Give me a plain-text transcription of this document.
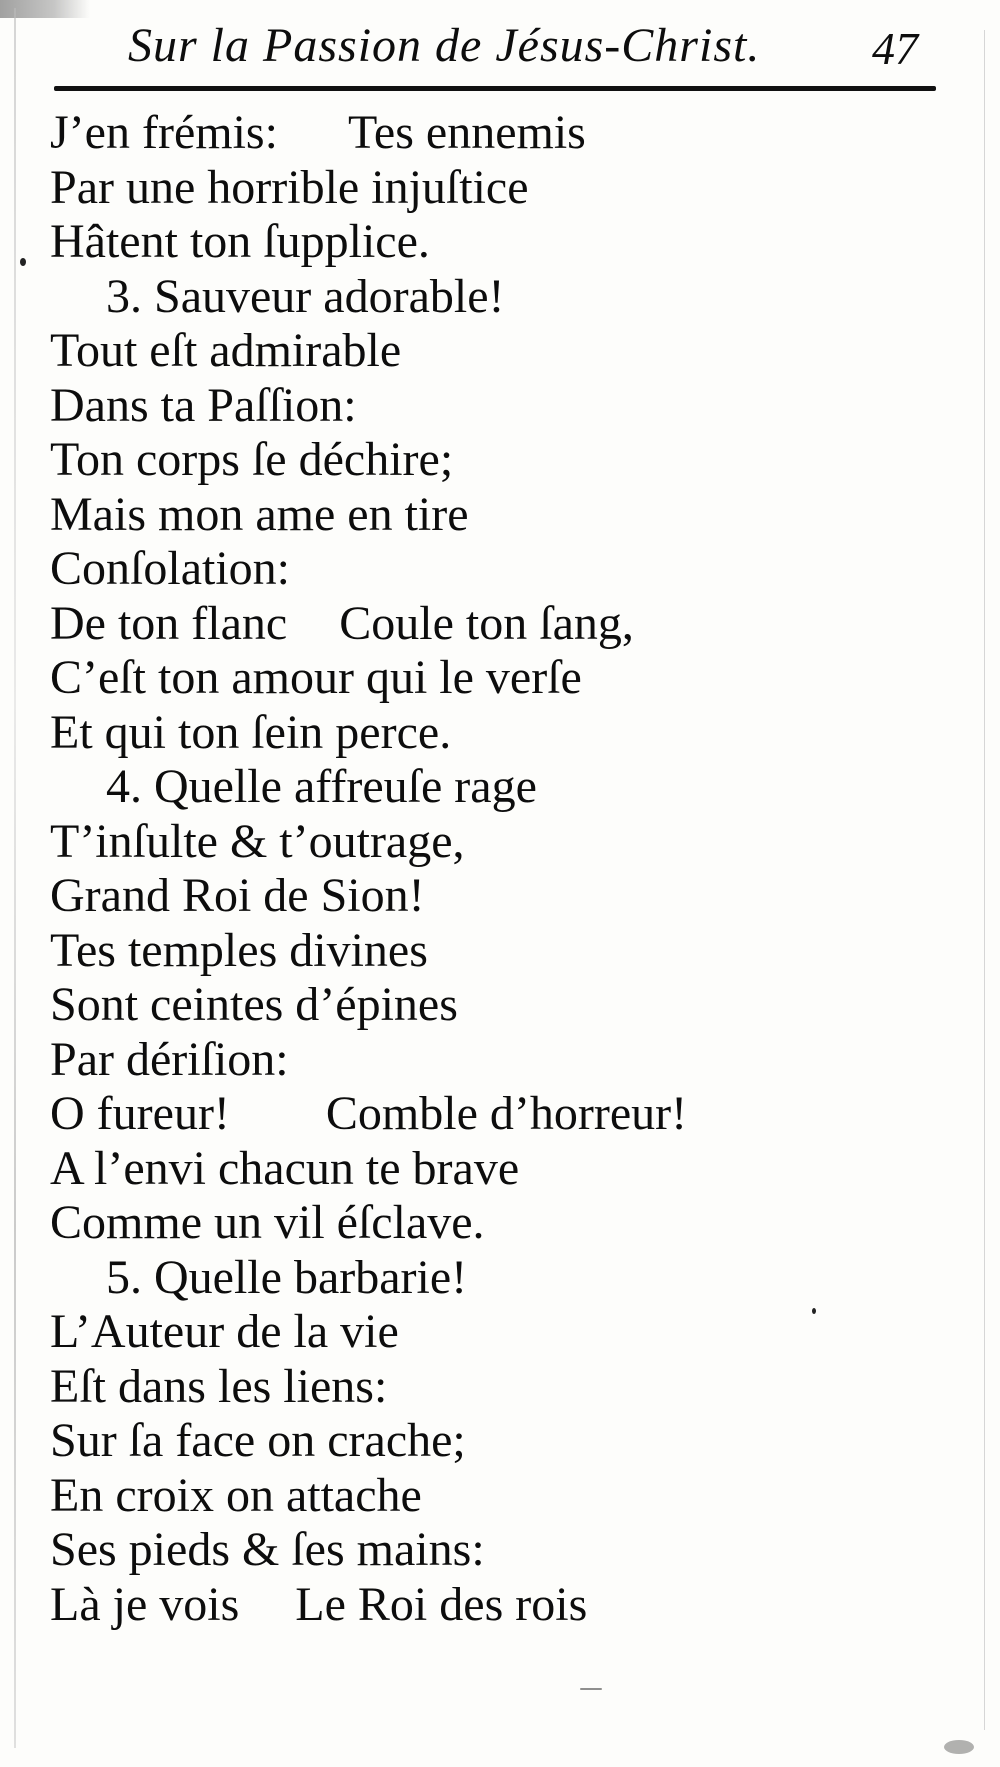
Sur la Passion de Jésus-Christ.	47
J’en frémis: Tes ennemis
Par une horrible injuſtice
Hâtent ton ſupplice.
3. Sauveur adorable!
Tout eſt admirable
Dans ta Paſſion:
Ton corps ſe déchire;
Mais mon ame en tire
Conſolation:
De ton flanc Coule ton ſang,
C’eſt ton amour qui le verſe
Et qui ton ſein perce.
4. Quelle affreuſe rage
T’inſulte & t’outrage,
Grand Roi de Sion!
Tes temples divines
Sont ceintes d’épines
Par dériſion:
O fureur! Comble d’horreur!
A l’envi chacun te brave
Comme un vil éſclave.
5. Quelle barbarie!
L’Auteur de la vie
Eſt dans les liens:
Sur ſa face on crache;
En croix on attache
Ses pieds & ſes mains:
Là je vois Le Roi des rois
